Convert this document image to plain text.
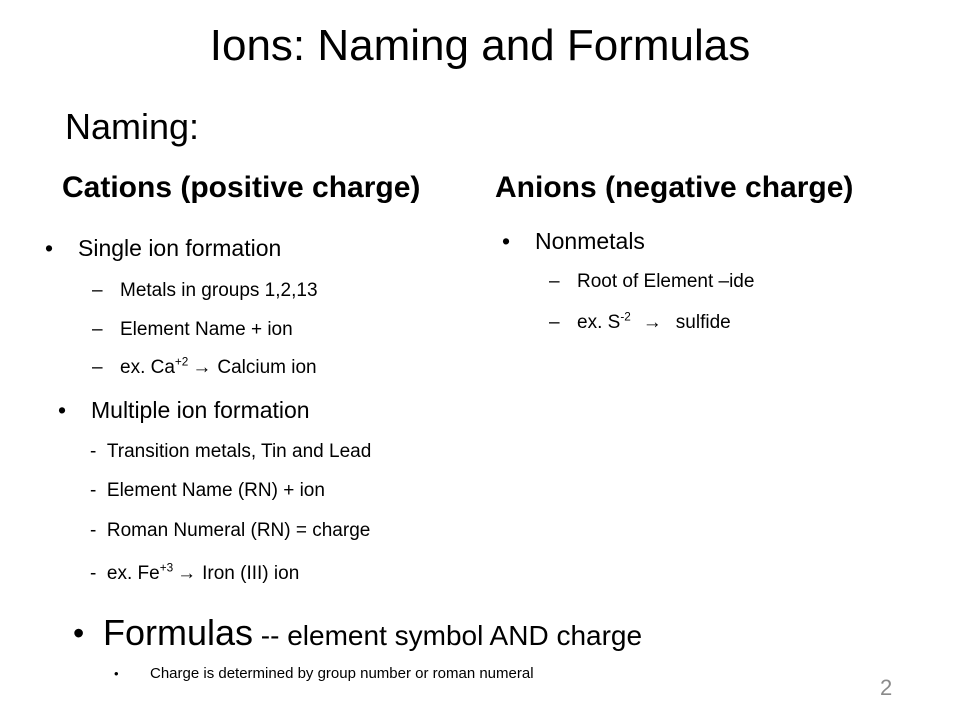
Ions: Naming and Formulas
Naming:
Cations (positive charge)
• Single ion formation
– Metals in groups 1,2,13
– Element Name + ion
– ex. $Ca^{+2}$ → Calcium ion
• Multiple ion formation
-  Transition metals, Tin and Lead
-  Element Name (RN) + ion
-  Roman Numeral (RN) = charge
-  ex. $Fe^{+3}$ → Iron (III) ion
Anions (negative charge)
• Nonmetals
– Root of Element –ide
– ex. $S^{-2}$ → sulfide
• Formulas -- element symbol AND charge
• Charge is determined by group number or roman numeral
2
